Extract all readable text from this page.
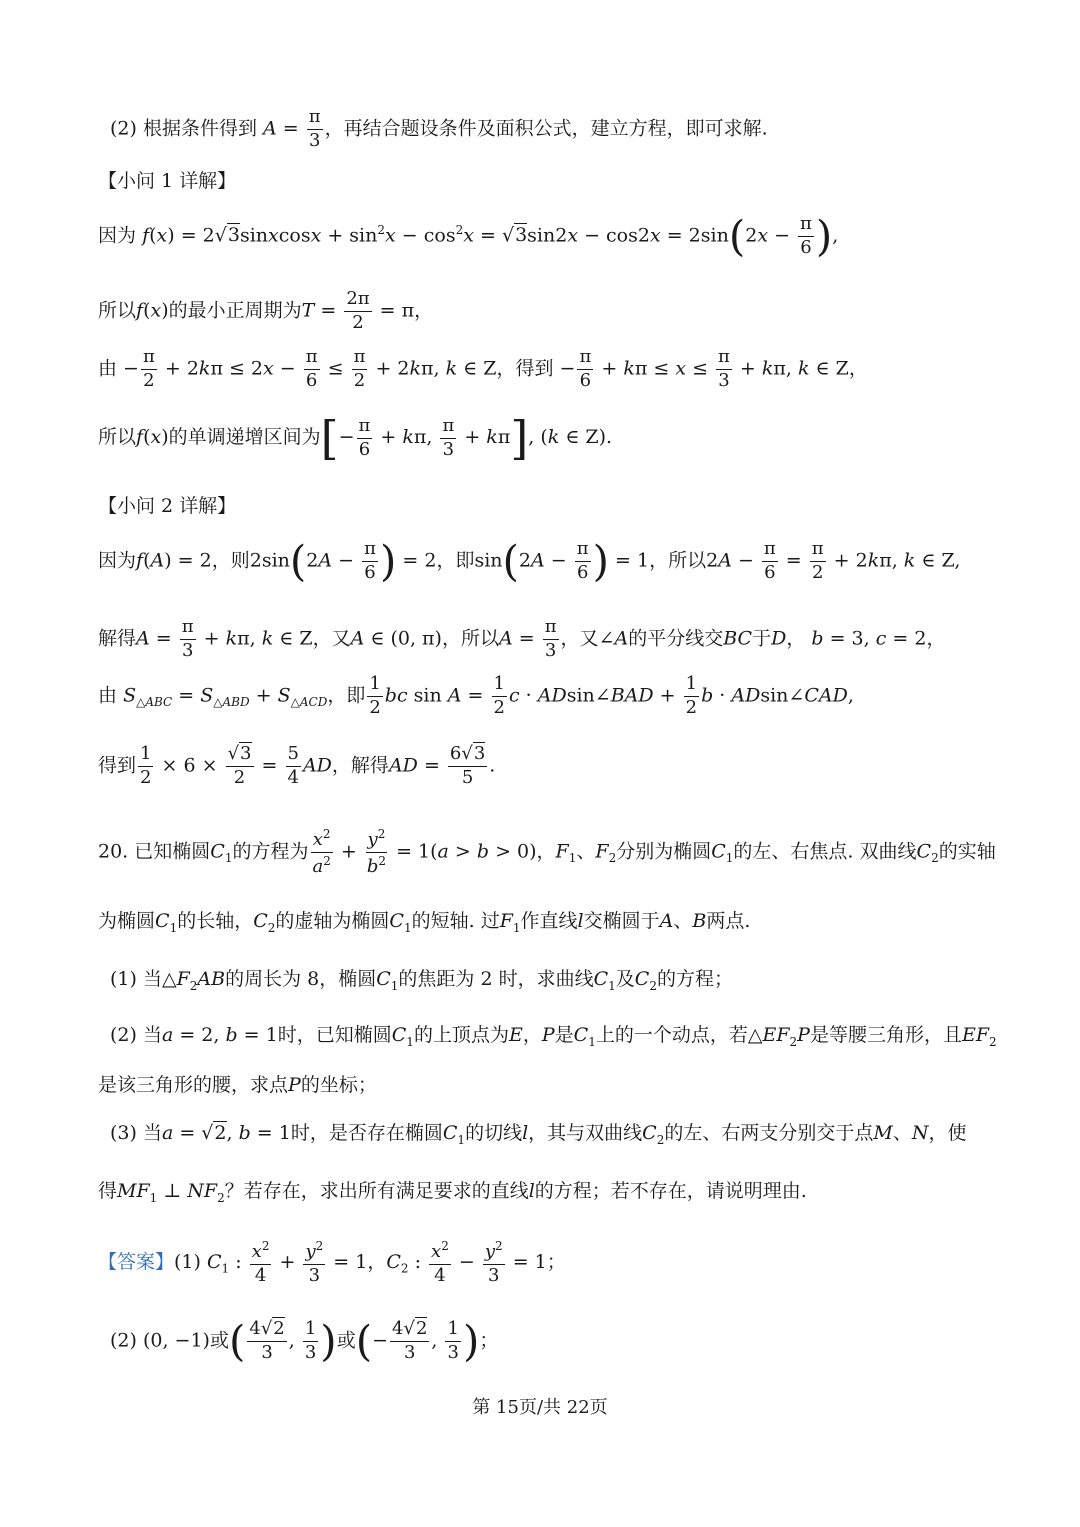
(2) 根据条件得到 $A = \frac{\pi}{3}$ ，再结合题设条件及面积公式，建立方程，即可求解.
【小问 1 详解】
因为 f(x) = 2√3sinxcosx + $\sin^2x - \cos^2x = √3\sin 2x - \cos 2x = 2\sin(2x - \frac{\pi}{6}$ ),
所以f(x)的最小正周期为$T = \frac{2\pi}{2} = \pi$，
由 − $\frac{\pi}{2} + 2k\pi \le 2x - \frac{\pi}{6} \le \frac{\pi}{2} + 2k\pi$, k ∈ Z，得到 − $\frac{\pi}{6} + k\pi \le x \le \frac{\pi}{3} + k\pi$, k ∈ Z，
所以f(x)的单调递增区间为[− $\frac{\pi}{6} + k\pi$, $\frac{\pi}{3} + k\pi$], (k ∈ Z).
【小问 2 详解】
因为f(A) = 2，则$2\sin(2A - \frac{\pi}{6}$ ) = 2，即$\sin(2A - \frac{\pi}{6}$ ) = 1，所以$2A - \frac{\pi}{6} = \frac{\pi}{2} + 2k\pi$, k ∈ Z,
解得$A = \frac{\pi}{3} + k\pi$, k ∈ Z，又A ∈ (0, π)，所以$A = \frac{\pi}{3}$ ，又∠A的平分线交BC于D， b = 3, c = 2，
由 $S_{\triangle ABC} = S_{\triangle ABD} + S_{\triangle ACD}$，即 $\frac{1}{2}$ bc $\sin A = \frac{1}{2}$ c · ADsin∠BAD + $\frac{1}{2}$ b · ADsin∠CAD,
得到 $\frac{1}{2} \times 6 \times \frac{√3}{2} = \frac{5}{4}$ AD，解得AD = $\frac{6√3}{5}$ .
20. 已知椭圆$C_1$的方程为 $\frac{x^2}{a^2} + \frac{y^2}{b^2} = 1(a > b > 0)$，$F_1$、$F_2$分别为椭圆$C_1$的左、右焦点. 双曲线$C_2$的实轴
为椭圆$C_1$的长轴，$C_2$的虚轴为椭圆$C_1$的短轴. 过$F_1$作直线l交椭圆于A、B两点.
(1) 当$\triangle F_2AB$的周长为 8，椭圆$C_1$的焦距为 2 时，求曲线$C_1$及$C_2$的方程；
(2) 当a = 2, b = 1时，已知椭圆$C_1$的上顶点为E，P是$C_1$上的一个动点，若$\triangle EF_2P$是等腰三角形，且$EF_2$
是该三角形的腰，求点P的坐标；
(3) 当a = √2, b = 1时，是否存在椭圆$C_1$的切线l，其与双曲线$C_2$的左、右两支分别交于点M、N，使
得$MF_1$ ⊥ $NF_2$？若存在，求出所有满足要求的直线l的方程；若不存在，请说明理由.
【答案】(1) $C_1$ : $\frac{x^2}{4} + \frac{y^2}{3} = 1$，$C_2$ : $\frac{x^2}{4} - \frac{y^2}{3} = 1$；
(2) (0, −1)或( $\frac{4√2}{3}$ , $\frac{1}{3}$ )或(− $\frac{4√2}{3}$ , $\frac{1}{3}$ )；
第 15页/共 22页
